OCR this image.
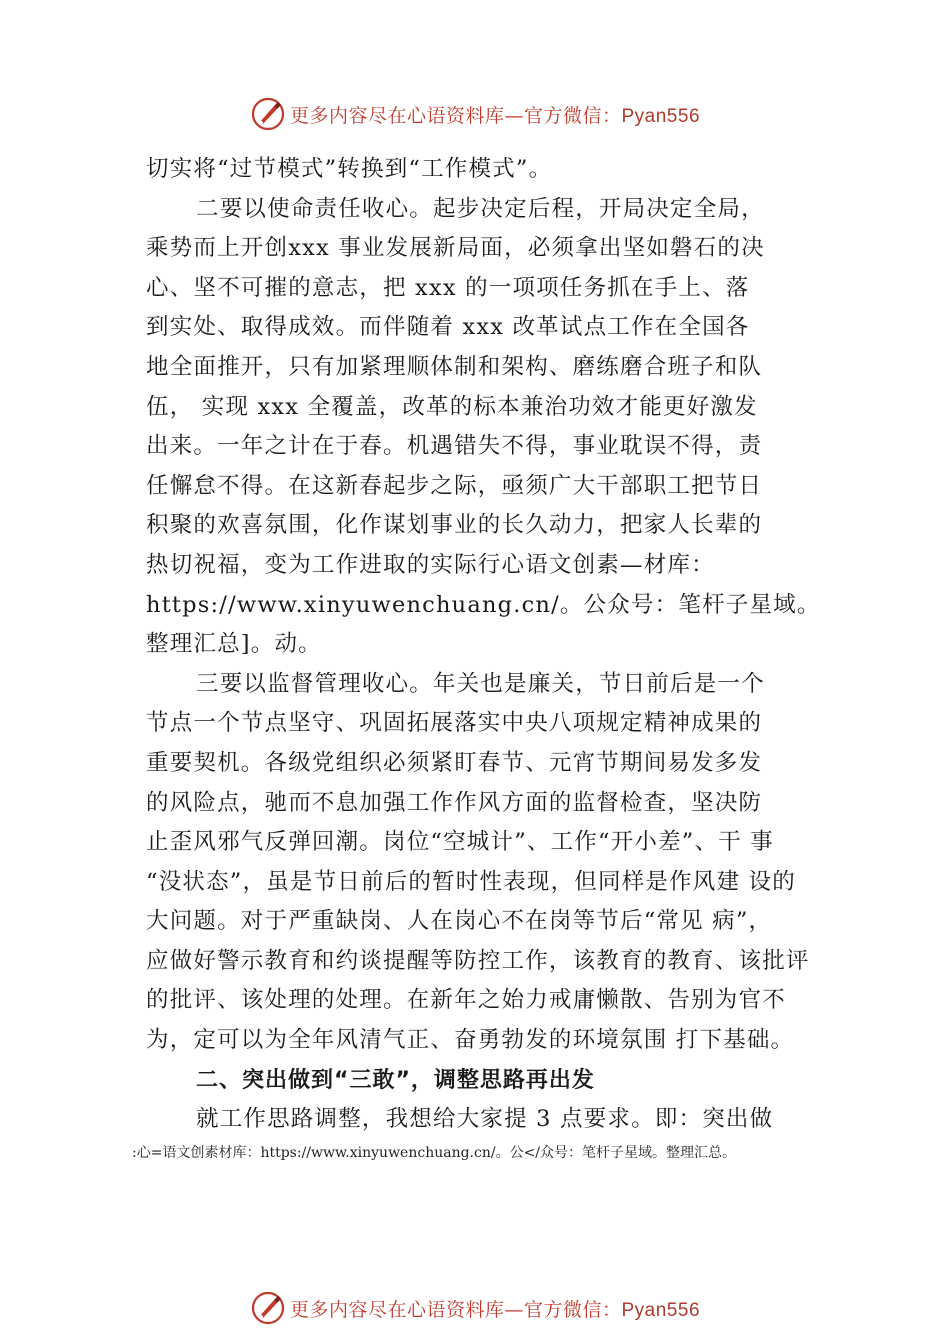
更多内容尽在心语资料库—官方微信：Pyan556
切实将“过节模式”转换到“工作模式”。
二要以使命责任收心。起步决定后程，开局决定全局，
乘势而上开创xxx 事业发展新局面，必须拿出坚如磐石的决
心、坚不可摧的意志，把 xxx 的一项项任务抓在手上、落
到实处、取得成效。而伴随着 xxx 改革试点工作在全国各
地全面推开，只有加紧理顺体制和架构、磨练磨合班子和队
伍， 实现 xxx 全覆盖，改革的标本兼治功效才能更好激发
出来。一年之计在于春。机遇错失不得，事业耽误不得，责
任懈怠不得。在这新春起步之际，亟须广大干部职工把节日
积聚的欢喜氛围，化作谋划事业的长久动力，把家人长辈的
热切祝福，变为工作进取的实际行心语文创素—材库：
https://www.xinyuwenchuang.cn/。公众号：笔杆子星域。
整理汇总]。动。
三要以监督管理收心。年关也是廉关，节日前后是一个
节点一个节点坚守、巩固拓展落实中央八项规定精神成果的
重要契机。各级党组织必须紧盯春节、元宵节期间易发多发
的风险点，驰而不息加强工作作风方面的监督检查，坚决防
止歪风邪气反弹回潮。岗位“空城计”、工作“开小差”、干 事
“没状态”，虽是节日前后的暂时性表现，但同样是作风建 设的
大问题。对于严重缺岗、人在岗心不在岗等节后“常见 病”，
应做好警示教育和约谈提醒等防控工作，该教育的教育、该批评
的批评、该处理的处理。在新年之始力戒庸懒散、告别为官不
为，定可以为全年风清气正、奋勇勃发的环境氛围 打下基础。
二、突出做到“三敢”，调整思路再出发
就工作思路调整，我想给大家提 3 点要求。即：突出做
:心=语文创素材库：https://www.xinyuwenchuang.cn/。公</众号：笔杆子星域。整理汇总。
更多内容尽在心语资料库—官方微信：Pyan556
